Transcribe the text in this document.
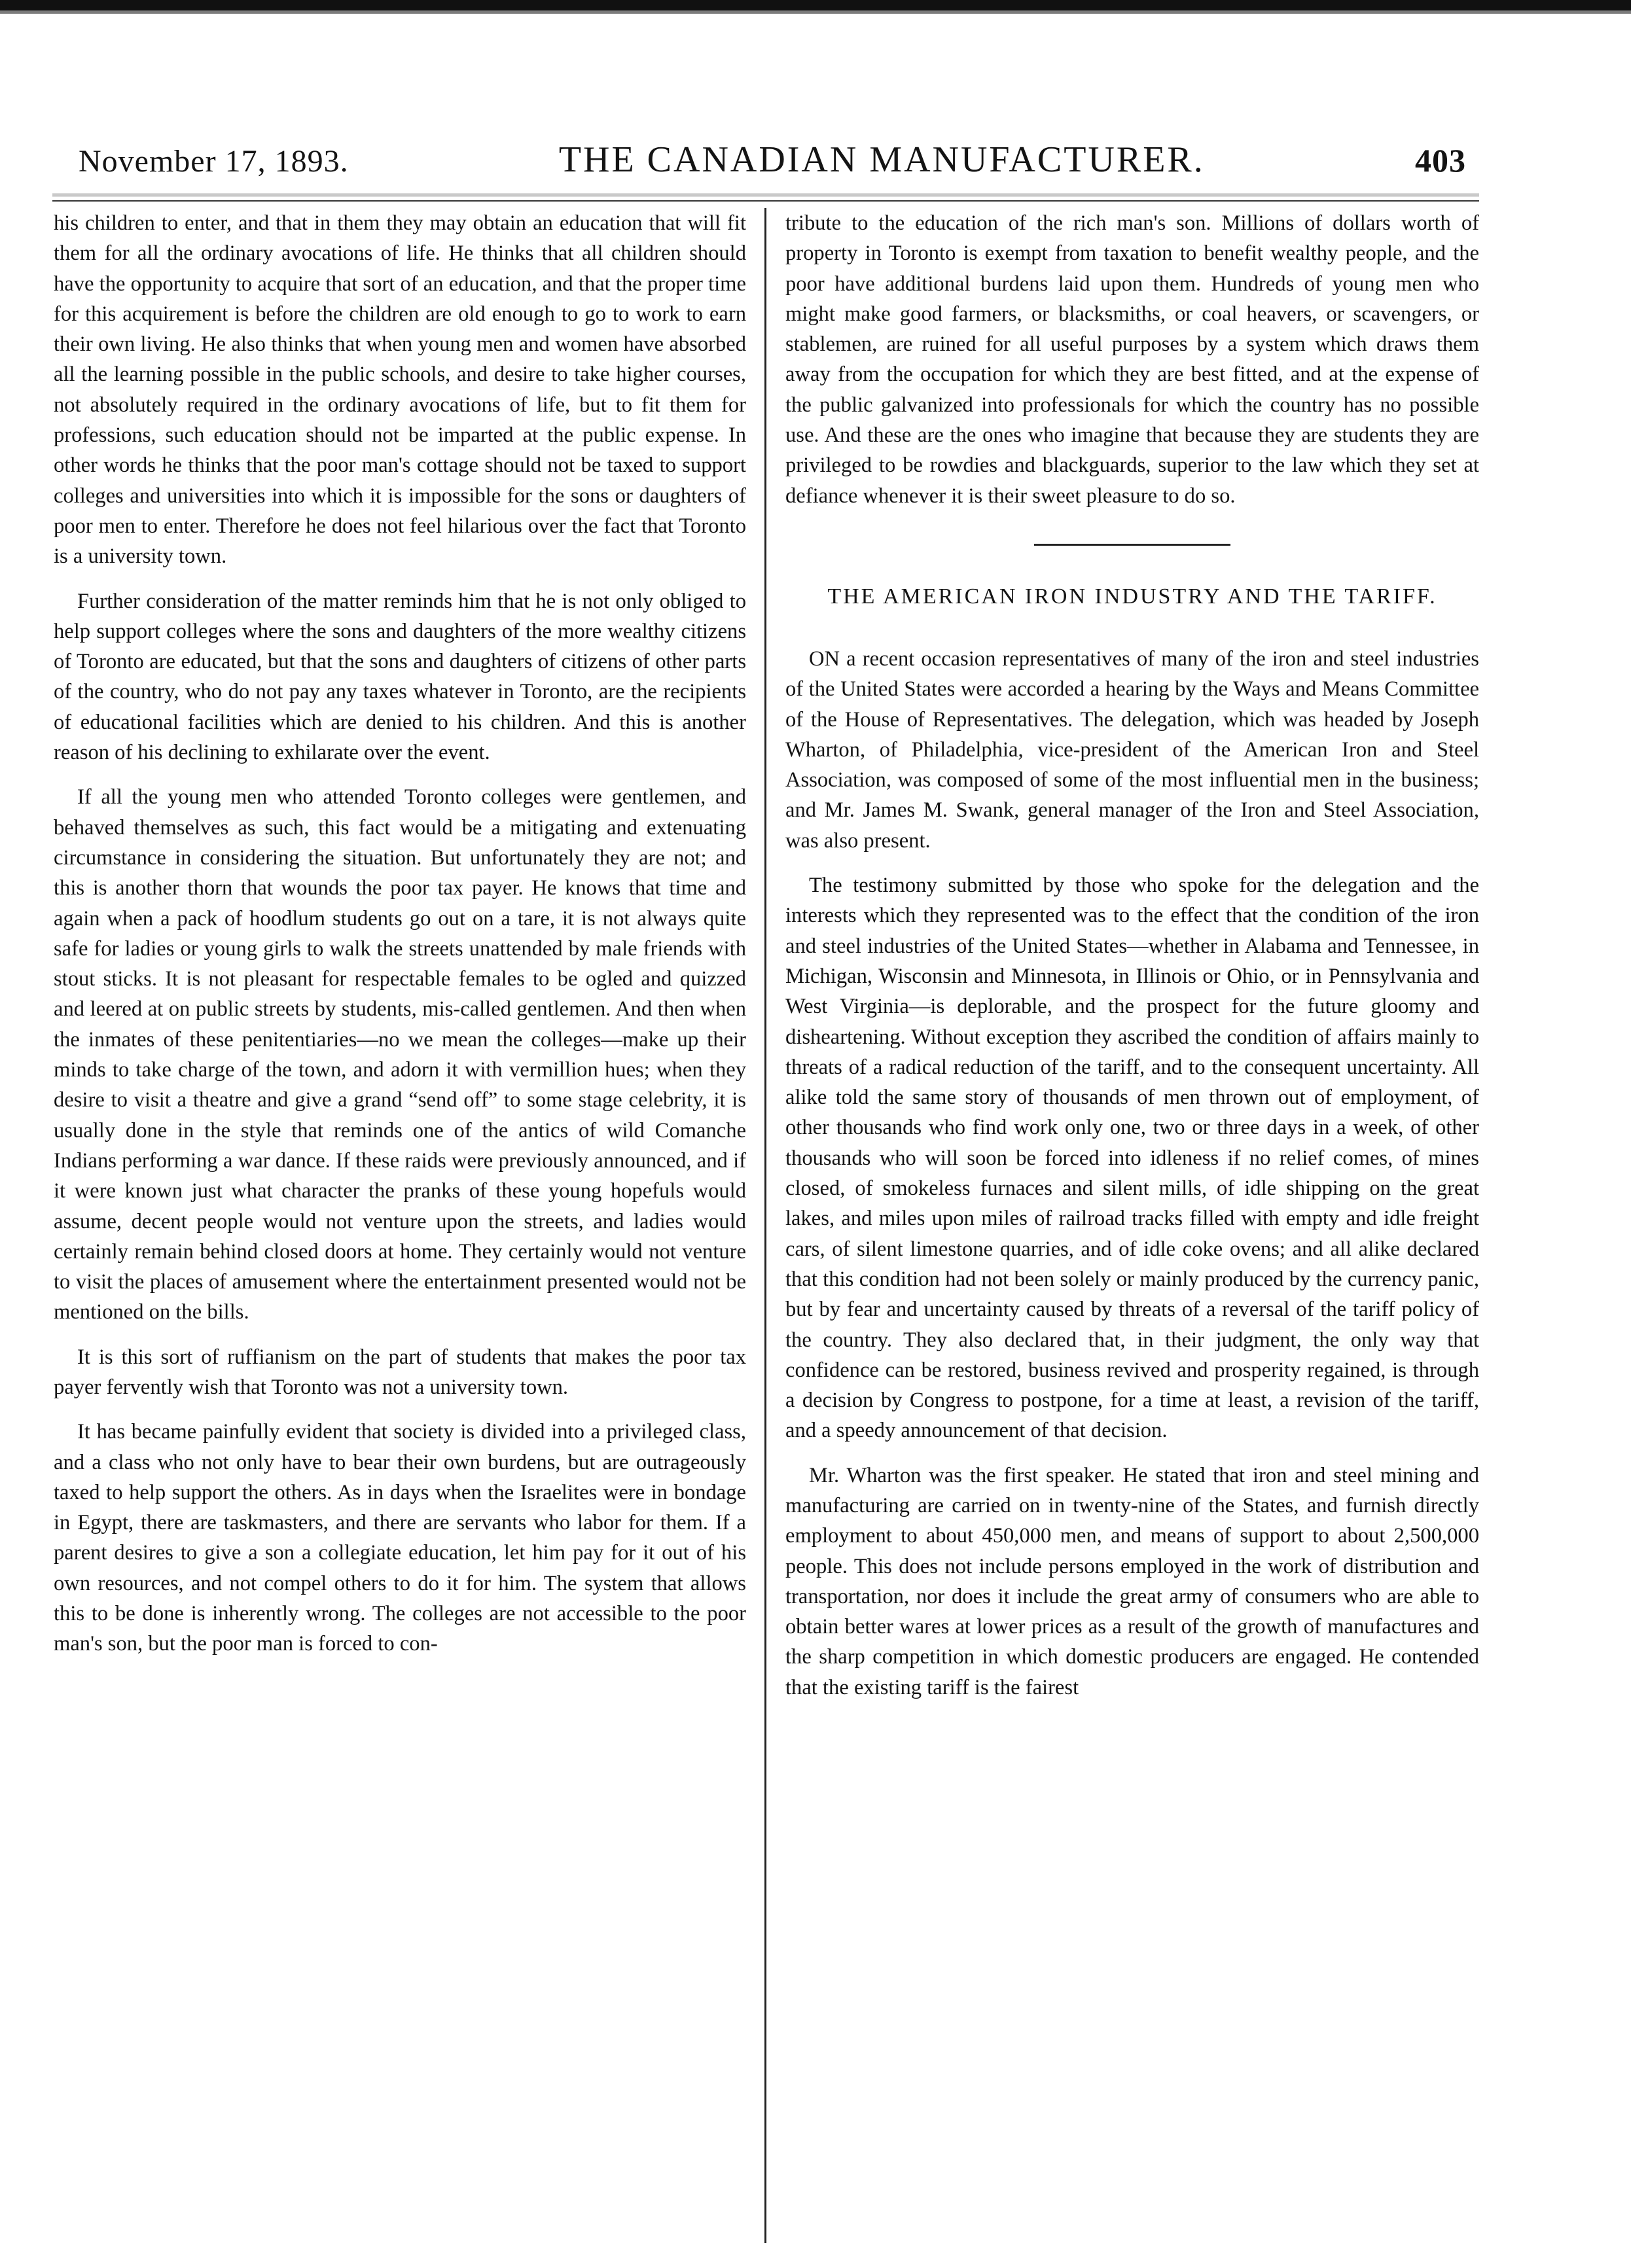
November 17, 1893.	THE CANADIAN MANUFACTURER.	403

his children to enter, and that in them they may obtain an education that will fit them for all the ordinary avocations of life. He thinks that all children should have the opportunity to acquire that sort of an education, and that the proper time for this acquirement is before the children are old enough to go to work to earn their own living. He also thinks that when young men and women have absorbed all the learning possible in the public schools, and desire to take higher courses, not absolutely required in the ordinary avocations of life, but to fit them for professions, such education should not be imparted at the public expense. In other words he thinks that the poor man's cottage should not be taxed to support colleges and universities into which it is impossible for the sons or daughters of poor men to enter. Therefore he does not feel hilarious over the fact that Toronto is a university town.

Further consideration of the matter reminds him that he is not only obliged to help support colleges where the sons and daughters of the more wealthy citizens of Toronto are educated, but that the sons and daughters of citizens of other parts of the country, who do not pay any taxes whatever in Toronto, are the recipients of educational facilities which are denied to his children. And this is another reason of his declining to exhilarate over the event.

If all the young men who attended Toronto colleges were gentlemen, and behaved themselves as such, this fact would be a mitigating and extenuating circumstance in considering the situation. But unfortunately they are not; and this is another thorn that wounds the poor tax payer. He knows that time and again when a pack of hoodlum students go out on a tare, it is not always quite safe for ladies or young girls to walk the streets unattended by male friends with stout sticks. It is not pleasant for respectable females to be ogled and quizzed and leered at on public streets by students, mis-called gentlemen. And then when the inmates of these penitentiaries—no we mean the colleges—make up their minds to take charge of the town, and adorn it with vermillion hues; when they desire to visit a theatre and give a grand “send off” to some stage celebrity, it is usually done in the style that reminds one of the antics of wild Comanche Indians performing a war dance. If these raids were previously announced, and if it were known just what character the pranks of these young hopefuls would assume, decent people would not venture upon the streets, and ladies would certainly remain behind closed doors at home. They certainly would not venture to visit the places of amusement where the entertainment presented would not be mentioned on the bills.

It is this sort of ruffianism on the part of students that makes the poor tax payer fervently wish that Toronto was not a university town.

It has became painfully evident that society is divided into a privileged class, and a class who not only have to bear their own burdens, but are outrageously taxed to help support the others. As in days when the Israelites were in bondage in Egypt, there are taskmasters, and there are servants who labor for them. If a parent desires to give a son a collegiate education, let him pay for it out of his own resources, and not compel others to do it for him. The system that allows this to be done is inherently wrong. The colleges are not accessible to the poor man's son, but the poor man is forced to con-

tribute to the education of the rich man's son. Millions of dollars worth of property in Toronto is exempt from taxation to benefit wealthy people, and the poor have additional burdens laid upon them. Hundreds of young men who might make good farmers, or blacksmiths, or coal heavers, or scavengers, or stablemen, are ruined for all useful purposes by a system which draws them away from the occupation for which they are best fitted, and at the expense of the public galvanized into professionals for which the country has no possible use. And these are the ones who imagine that because they are students they are privileged to be rowdies and blackguards, superior to the law which they set at defiance whenever it is their sweet pleasure to do so.

THE AMERICAN IRON INDUSTRY AND THE TARIFF.

ON a recent occasion representatives of many of the iron and steel industries of the United States were accorded a hearing by the Ways and Means Committee of the House of Representatives. The delegation, which was headed by Joseph Wharton, of Philadelphia, vice-president of the American Iron and Steel Association, was composed of some of the most influential men in the business; and Mr. James M. Swank, general manager of the Iron and Steel Association, was also present.

The testimony submitted by those who spoke for the delegation and the interests which they represented was to the effect that the condition of the iron and steel industries of the United States—whether in Alabama and Tennessee, in Michigan, Wisconsin and Minnesota, in Illinois or Ohio, or in Pennsylvania and West Virginia—is deplorable, and the prospect for the future gloomy and disheartening. Without exception they ascribed the condition of affairs mainly to threats of a radical reduction of the tariff, and to the consequent uncertainty. All alike told the same story of thousands of men thrown out of employment, of other thousands who find work only one, two or three days in a week, of other thousands who will soon be forced into idleness if no relief comes, of mines closed, of smokeless furnaces and silent mills, of idle shipping on the great lakes, and miles upon miles of railroad tracks filled with empty and idle freight cars, of silent limestone quarries, and of idle coke ovens; and all alike declared that this condition had not been solely or mainly produced by the currency panic, but by fear and uncertainty caused by threats of a reversal of the tariff policy of the country. They also declared that, in their judgment, the only way that confidence can be restored, business revived and prosperity regained, is through a decision by Congress to postpone, for a time at least, a revision of the tariff, and a speedy announcement of that decision.

Mr. Wharton was the first speaker. He stated that iron and steel mining and manufacturing are carried on in twenty-nine of the States, and furnish directly employment to about 450,000 men, and means of support to about 2,500,000 people. This does not include persons employed in the work of distribution and transportation, nor does it include the great army of consumers who are able to obtain better wares at lower prices as a result of the growth of manufactures and the sharp competition in which domestic producers are engaged. He contended that the existing tariff is the fairest
